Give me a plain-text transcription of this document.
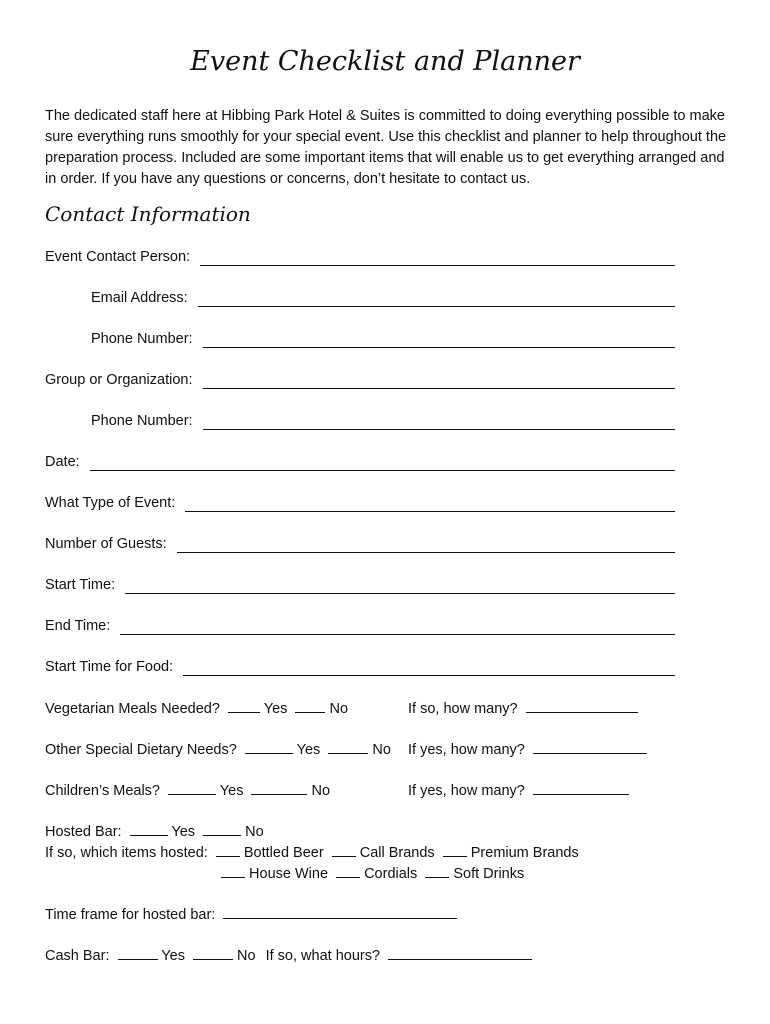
Event Checklist and Planner

The dedicated staff here at Hibbing Park Hotel & Suites is committed to doing everything possible to make sure everything runs smoothly for your special event. Use this checklist and planner to help throughout the preparation process. Included are some important items that will enable us to get everything arranged and in order. If you have any questions or concerns, don’t hesitate to contact us.

Contact Information
Event Contact Person:
Email Address:
Phone Number:
Group or Organization:
Phone Number:
Date:
What Type of Event:
Number of Guests:
Start Time:
End Time:
Start Time for Food:
Vegetarian Meals Needed?	Yes	No	If so, how many?
Other Special Dietary Needs?	Yes	No If yes, how many?
Children’s Meals?	Yes	No	If yes, how many?
Hosted Bar:	Yes	No
If so, which items hosted: Bottled Beer Call Brands Premium Brands
House Wine Cordials Soft Drinks
Time frame for hosted bar:
Cash Bar:	Yes	No If so, what hours?
